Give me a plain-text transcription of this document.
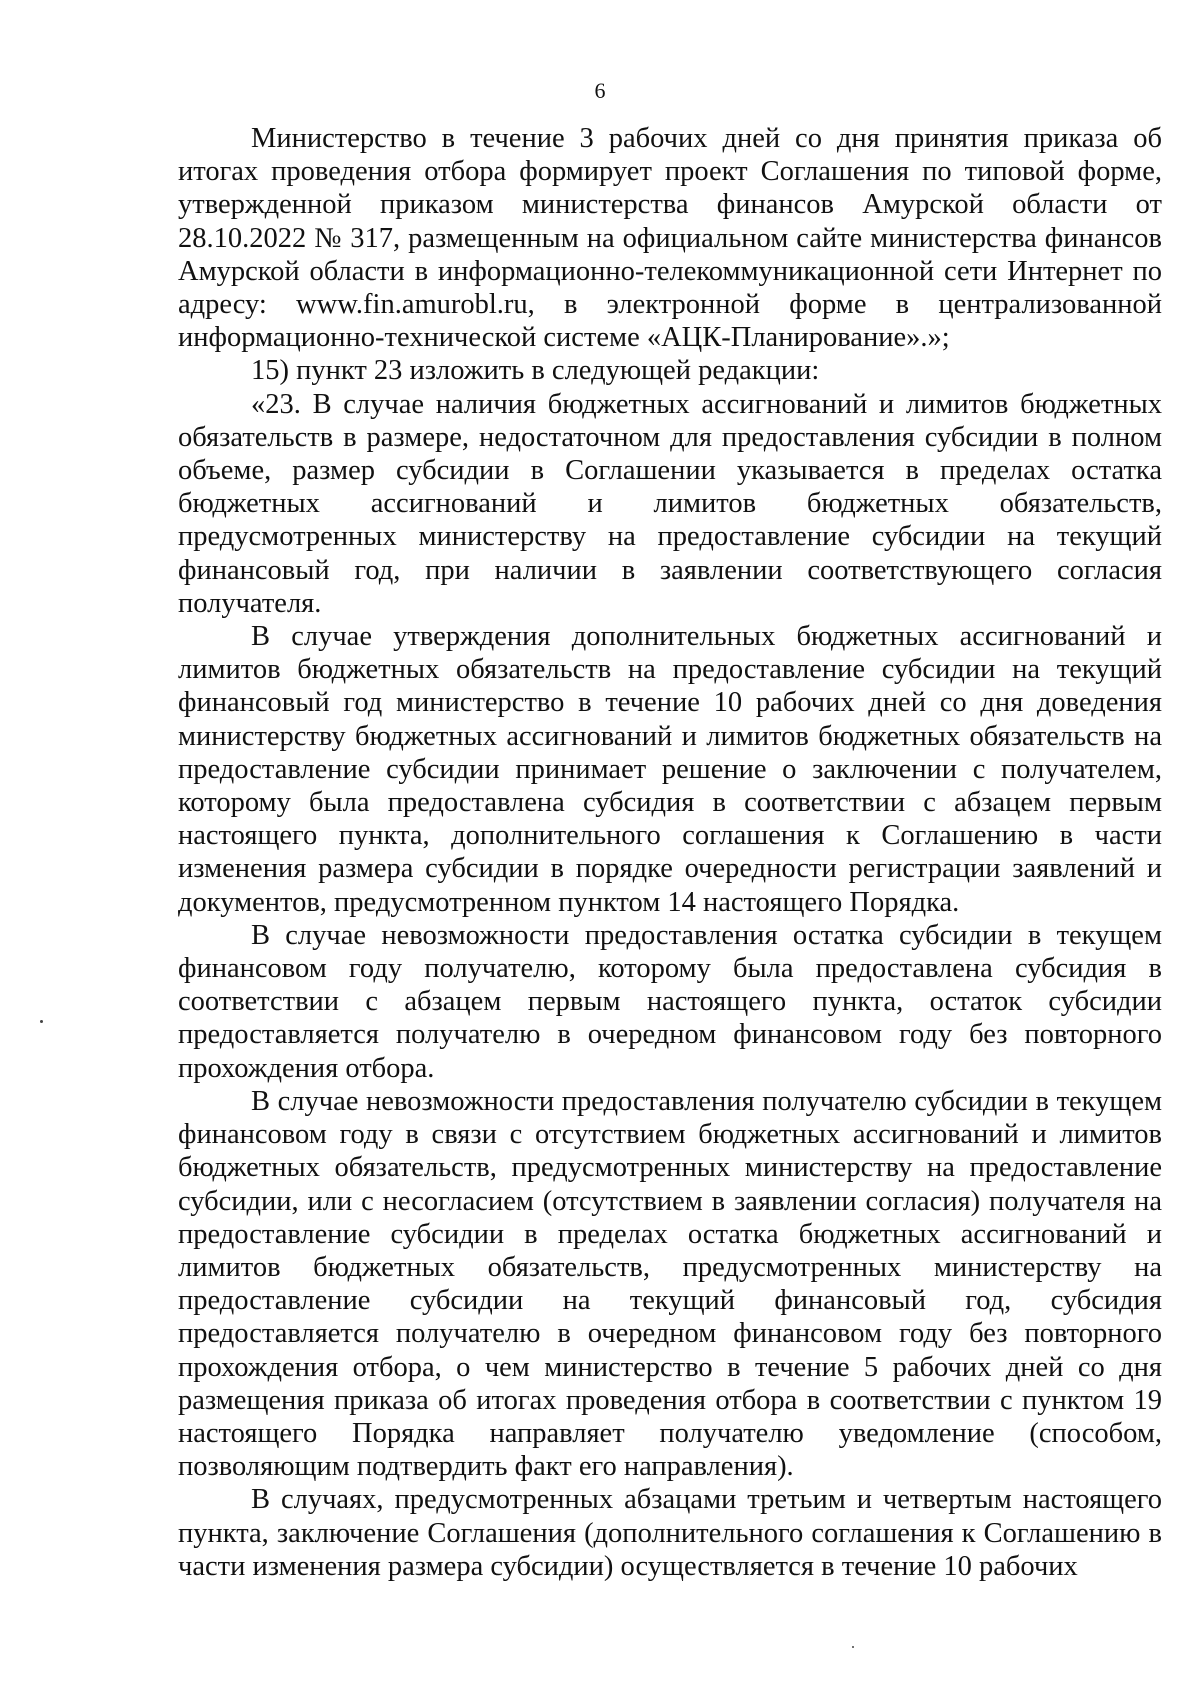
6

Министерство в течение 3 рабочих дней со дня принятия приказа об итогах проведения отбора формирует проект Соглашения по типовой форме, утвержденной приказом министерства финансов Амурской области от 28.10.2022 № 317, размещенным на официальном сайте министерства финансов Амурской области в информационно-телекоммуникационной сети Интернет по адресу: www.fin.amurobl.ru, в электронной форме в централизованной информационно-технической системе «АЦК-Планирование».»;

15) пункт 23 изложить в следующей редакции:

«23. В случае наличия бюджетных ассигнований и лимитов бюджетных обязательств в размере, недостаточном для предоставления субсидии в полном объеме, размер субсидии в Соглашении указывается в пределах остатка бюджетных ассигнований и лимитов бюджетных обязательств, предусмотренных министерству на предоставление субсидии на текущий финансовый год, при наличии в заявлении соответствующего согласия получателя.

В случае утверждения дополнительных бюджетных ассигнований и лимитов бюджетных обязательств на предоставление субсидии на текущий финансовый год министерство в течение 10 рабочих дней со дня доведения министерству бюджетных ассигнований и лимитов бюджетных обязательств на предоставление субсидии принимает решение о заключении с получателем, которому была предоставлена субсидия в соответствии с абзацем первым настоящего пункта, дополнительного соглашения к Соглашению в части изменения размера субсидии в порядке очередности регистрации заявлений и документов, предусмотренном пунктом 14 настоящего Порядка.

В случае невозможности предоставления остатка субсидии в текущем финансовом году получателю, которому была предоставлена субсидия в соответствии с абзацем первым настоящего пункта, остаток субсидии предоставляется получателю в очередном финансовом году без повторного прохождения отбора.

В случае невозможности предоставления получателю субсидии в текущем финансовом году в связи с отсутствием бюджетных ассигнований и лимитов бюджетных обязательств, предусмотренных министерству на предоставление субсидии, или с несогласием (отсутствием в заявлении согласия) получателя на предоставление субсидии в пределах остатка бюджетных ассигнований и лимитов бюджетных обязательств, предусмотренных министерству на предоставление субсидии на текущий финансовый год, субсидия предоставляется получателю в очередном финансовом году без повторного прохождения отбора, о чем министерство в течение 5 рабочих дней со дня размещения приказа об итогах проведения отбора в соответствии с пунктом 19 настоящего Порядка направляет получателю уведомление (способом, позволяющим подтвердить факт его направления).

В случаях, предусмотренных абзацами третьим и четвертым настоящего пункта, заключение Соглашения (дополнительного соглашения к Соглашению в части изменения размера субсидии) осуществляется в течение 10 рабочих
